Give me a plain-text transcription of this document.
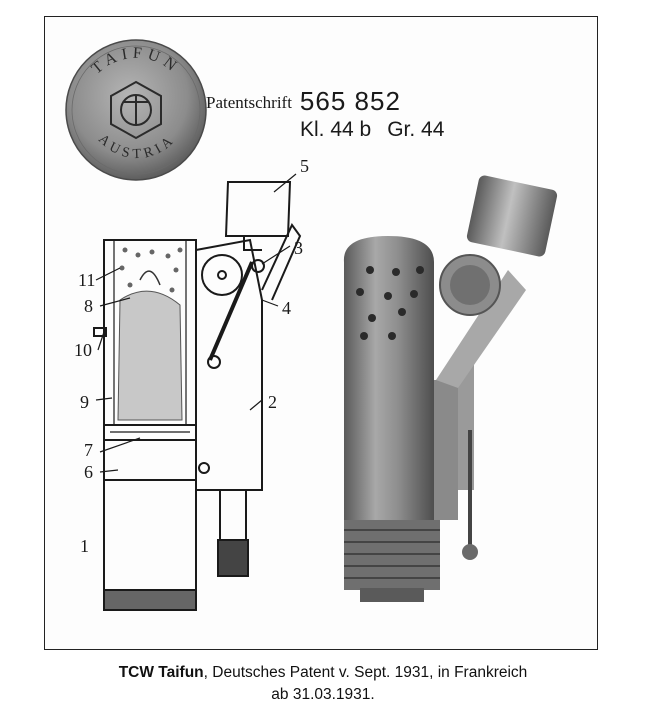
TAIFUN
AUSTRIA
Patentschrift 565 852
Kl. 44 b Gr. 44
5
3
4
2
11
8
10
9
7
6
1
TCW Taifun, Deutsches Patent v. Sept. 1931, in Frankreich
ab 31.03.1931.
